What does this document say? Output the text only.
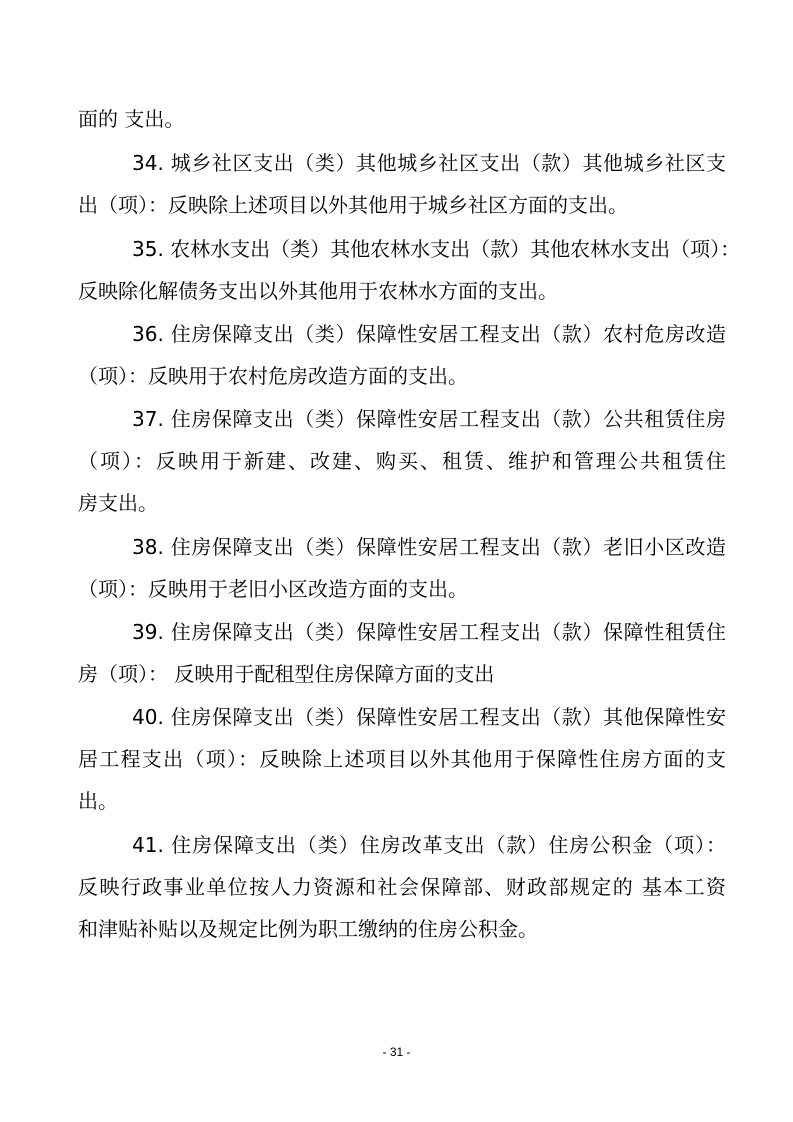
面的 支出。
34. 城乡社区支出（类）其他城乡社区支出（款）其他城乡社区支
出（项）：反映除上述项目以外其他用于城乡社区方面的支出。
35. 农林水支出（类）其他农林水支出（款）其他农林水支出（项）：
反映除化解债务支出以外其他用于农林水方面的支出。
36. 住房保障支出（类）保障性安居工程支出（款）农村危房改造
（项）：反映用于农村危房改造方面的支出。
37. 住房保障支出（类）保障性安居工程支出（款）公共租赁住房
（项）：反映用于新建、改建、购买、租赁、维护和管理公共租赁住
房支出。
38. 住房保障支出（类）保障性安居工程支出（款）老旧小区改造
（项）：反映用于老旧小区改造方面的支出。
39. 住房保障支出（类）保障性安居工程支出（款）保障性租赁住
房（项）： 反映用于配租型住房保障方面的支出
40. 住房保障支出（类）保障性安居工程支出（款）其他保障性安
居工程支出（项）：反映除上述项目以外其他用于保障性住房方面的支
出。
41. 住房保障支出（类）住房改革支出（款）住房公积金（项）：
反映行政事业单位按人力资源和社会保障部、财政部规定的 基本工资
和津贴补贴以及规定比例为职工缴纳的住房公积金。
- 31 -
